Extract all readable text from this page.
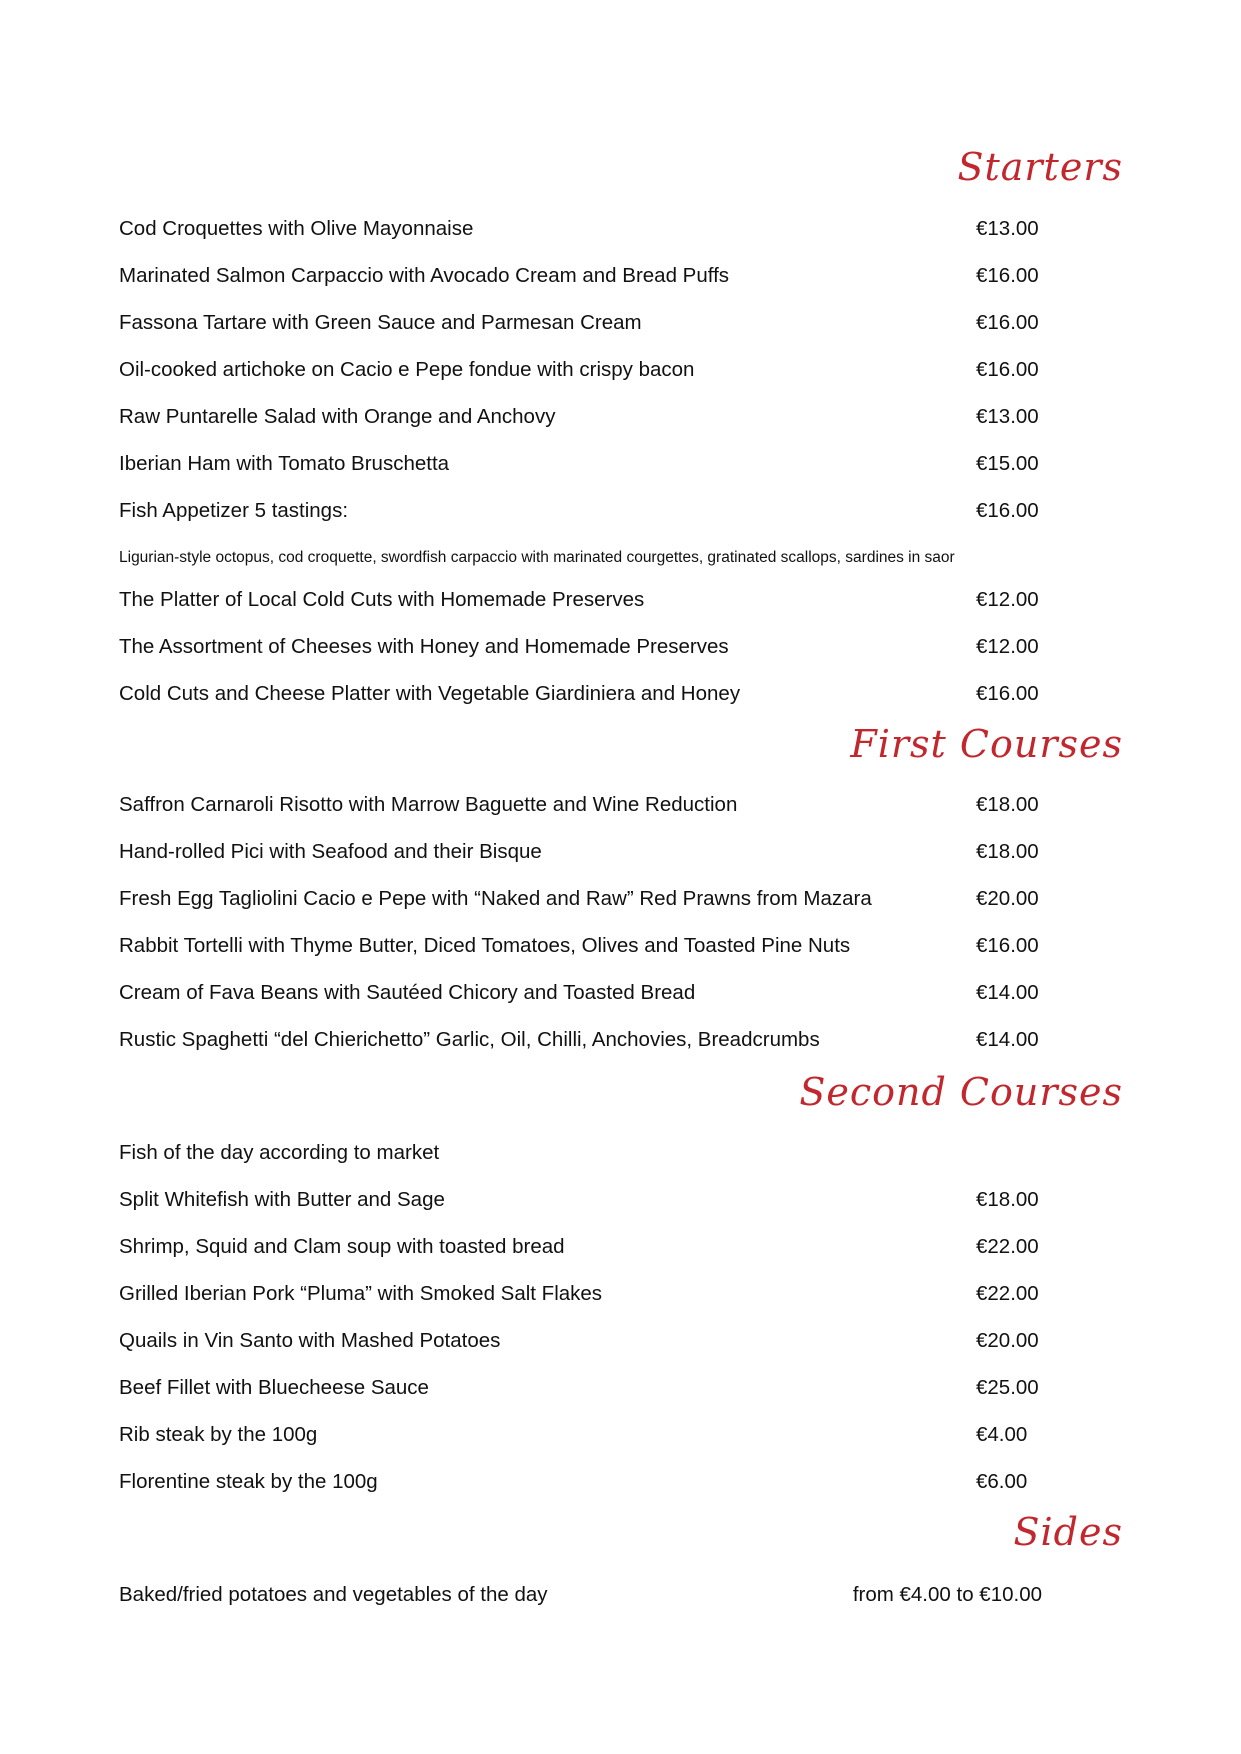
Starters
Cod Croquettes with Olive Mayonnaise	€13.00
Marinated Salmon Carpaccio with Avocado Cream and Bread Puffs	€16.00
Fassona Tartare with Green Sauce and Parmesan Cream	€16.00
Oil-cooked artichoke on Cacio e Pepe fondue with crispy bacon	€16.00
Raw Puntarelle Salad with Orange and Anchovy	€13.00
Iberian Ham with Tomato Bruschetta	€15.00
Fish Appetizer 5 tastings:	€16.00
Ligurian-style octopus, cod croquette, swordfish carpaccio with marinated courgettes, gratinated scallops, sardines in saor
The Platter of Local Cold Cuts with Homemade Preserves	€12.00
The Assortment of Cheeses with Honey and Homemade Preserves	€12.00
Cold Cuts and Cheese Platter with Vegetable Giardiniera and Honey	€16.00
First Courses
Saffron Carnaroli Risotto with Marrow Baguette and Wine Reduction	€18.00
Hand-rolled Pici with Seafood and their Bisque	€18.00
Fresh Egg Tagliolini Cacio e Pepe with “Naked and Raw” Red Prawns from Mazara	€20.00
Rabbit Tortelli with Thyme Butter, Diced Tomatoes, Olives and Toasted Pine Nuts	€16.00
Cream of Fava Beans with Sautéed Chicory and Toasted Bread	€14.00
Rustic Spaghetti “del Chierichetto” Garlic, Oil, Chilli, Anchovies, Breadcrumbs	€14.00
Second Courses
Fish of the day according to market
Split Whitefish with Butter and Sage	€18.00
Shrimp, Squid and Clam soup with toasted bread	€22.00
Grilled Iberian Pork “Pluma” with Smoked Salt Flakes	€22.00
Quails in Vin Santo with Mashed Potatoes	€20.00
Beef Fillet with Bluecheese Sauce	€25.00
Rib steak by the 100g	€4.00
Florentine steak by the 100g	€6.00
Sides
Baked/fried potatoes and vegetables of the day	from €4.00 to €10.00
